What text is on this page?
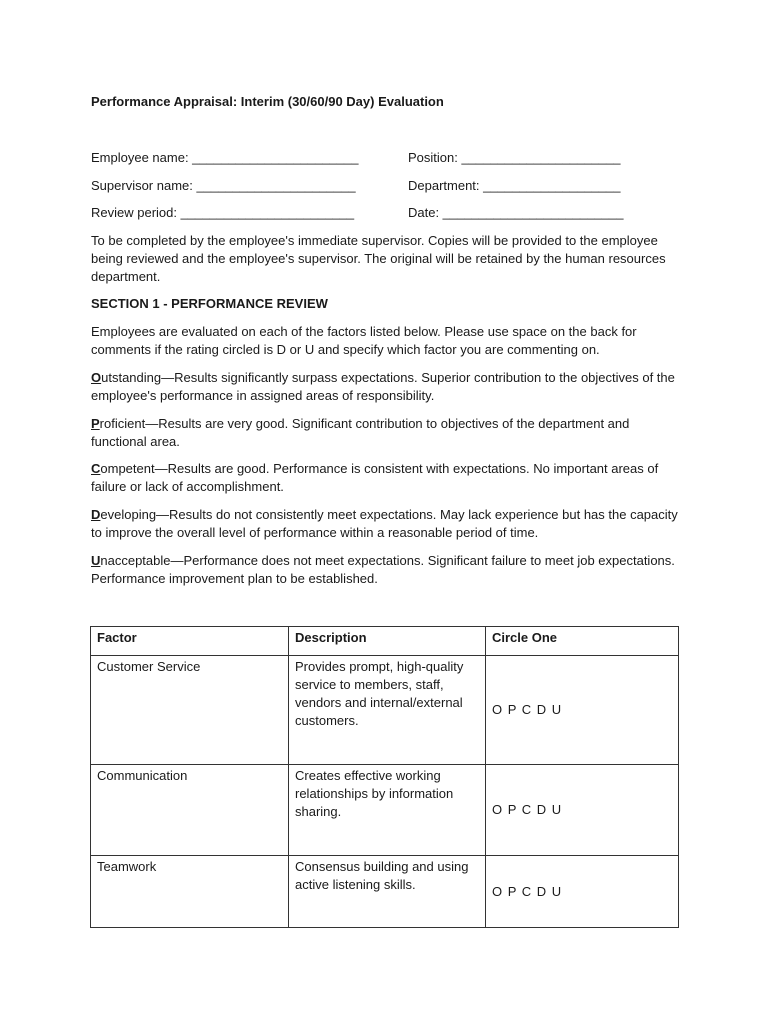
Performance Appraisal: Interim (30/60/90 Day) Evaluation
Employee name: _______________________	Position: ______________________
Supervisor name: ______________________	Department: ___________________
Review period: ________________________	Date: _________________________
To be completed by the employee's immediate supervisor. Copies will be provided to the employee being reviewed and the employee's supervisor. The original will be retained by the human resources department.
SECTION 1 - PERFORMANCE REVIEW
Employees are evaluated on each of the factors listed below. Please use space on the back for comments if the rating circled is D or U and specify which factor you are commenting on.
Outstanding—Results significantly surpass expectations. Superior contribution to the objectives of the employee's performance in assigned areas of responsibility.
Proficient—Results are very good. Significant contribution to objectives of the department and functional area.
Competent—Results are good. Performance is consistent with expectations. No important areas of failure or lack of accomplishment.
Developing—Results do not consistently meet expectations. May lack experience but has the capacity to improve the overall level of performance within a reasonable period of time.
Unacceptable—Performance does not meet expectations. Significant failure to meet job expectations. Performance improvement plan to be established.
Factor	Description	Circle One
Customer Service	Provides prompt, high-quality service to members, staff, vendors and internal/external customers.	O P C D U
Communication	Creates effective working relationships by information sharing.	O P C D U
Teamwork	Consensus building and using active listening skills.	O P C D U
